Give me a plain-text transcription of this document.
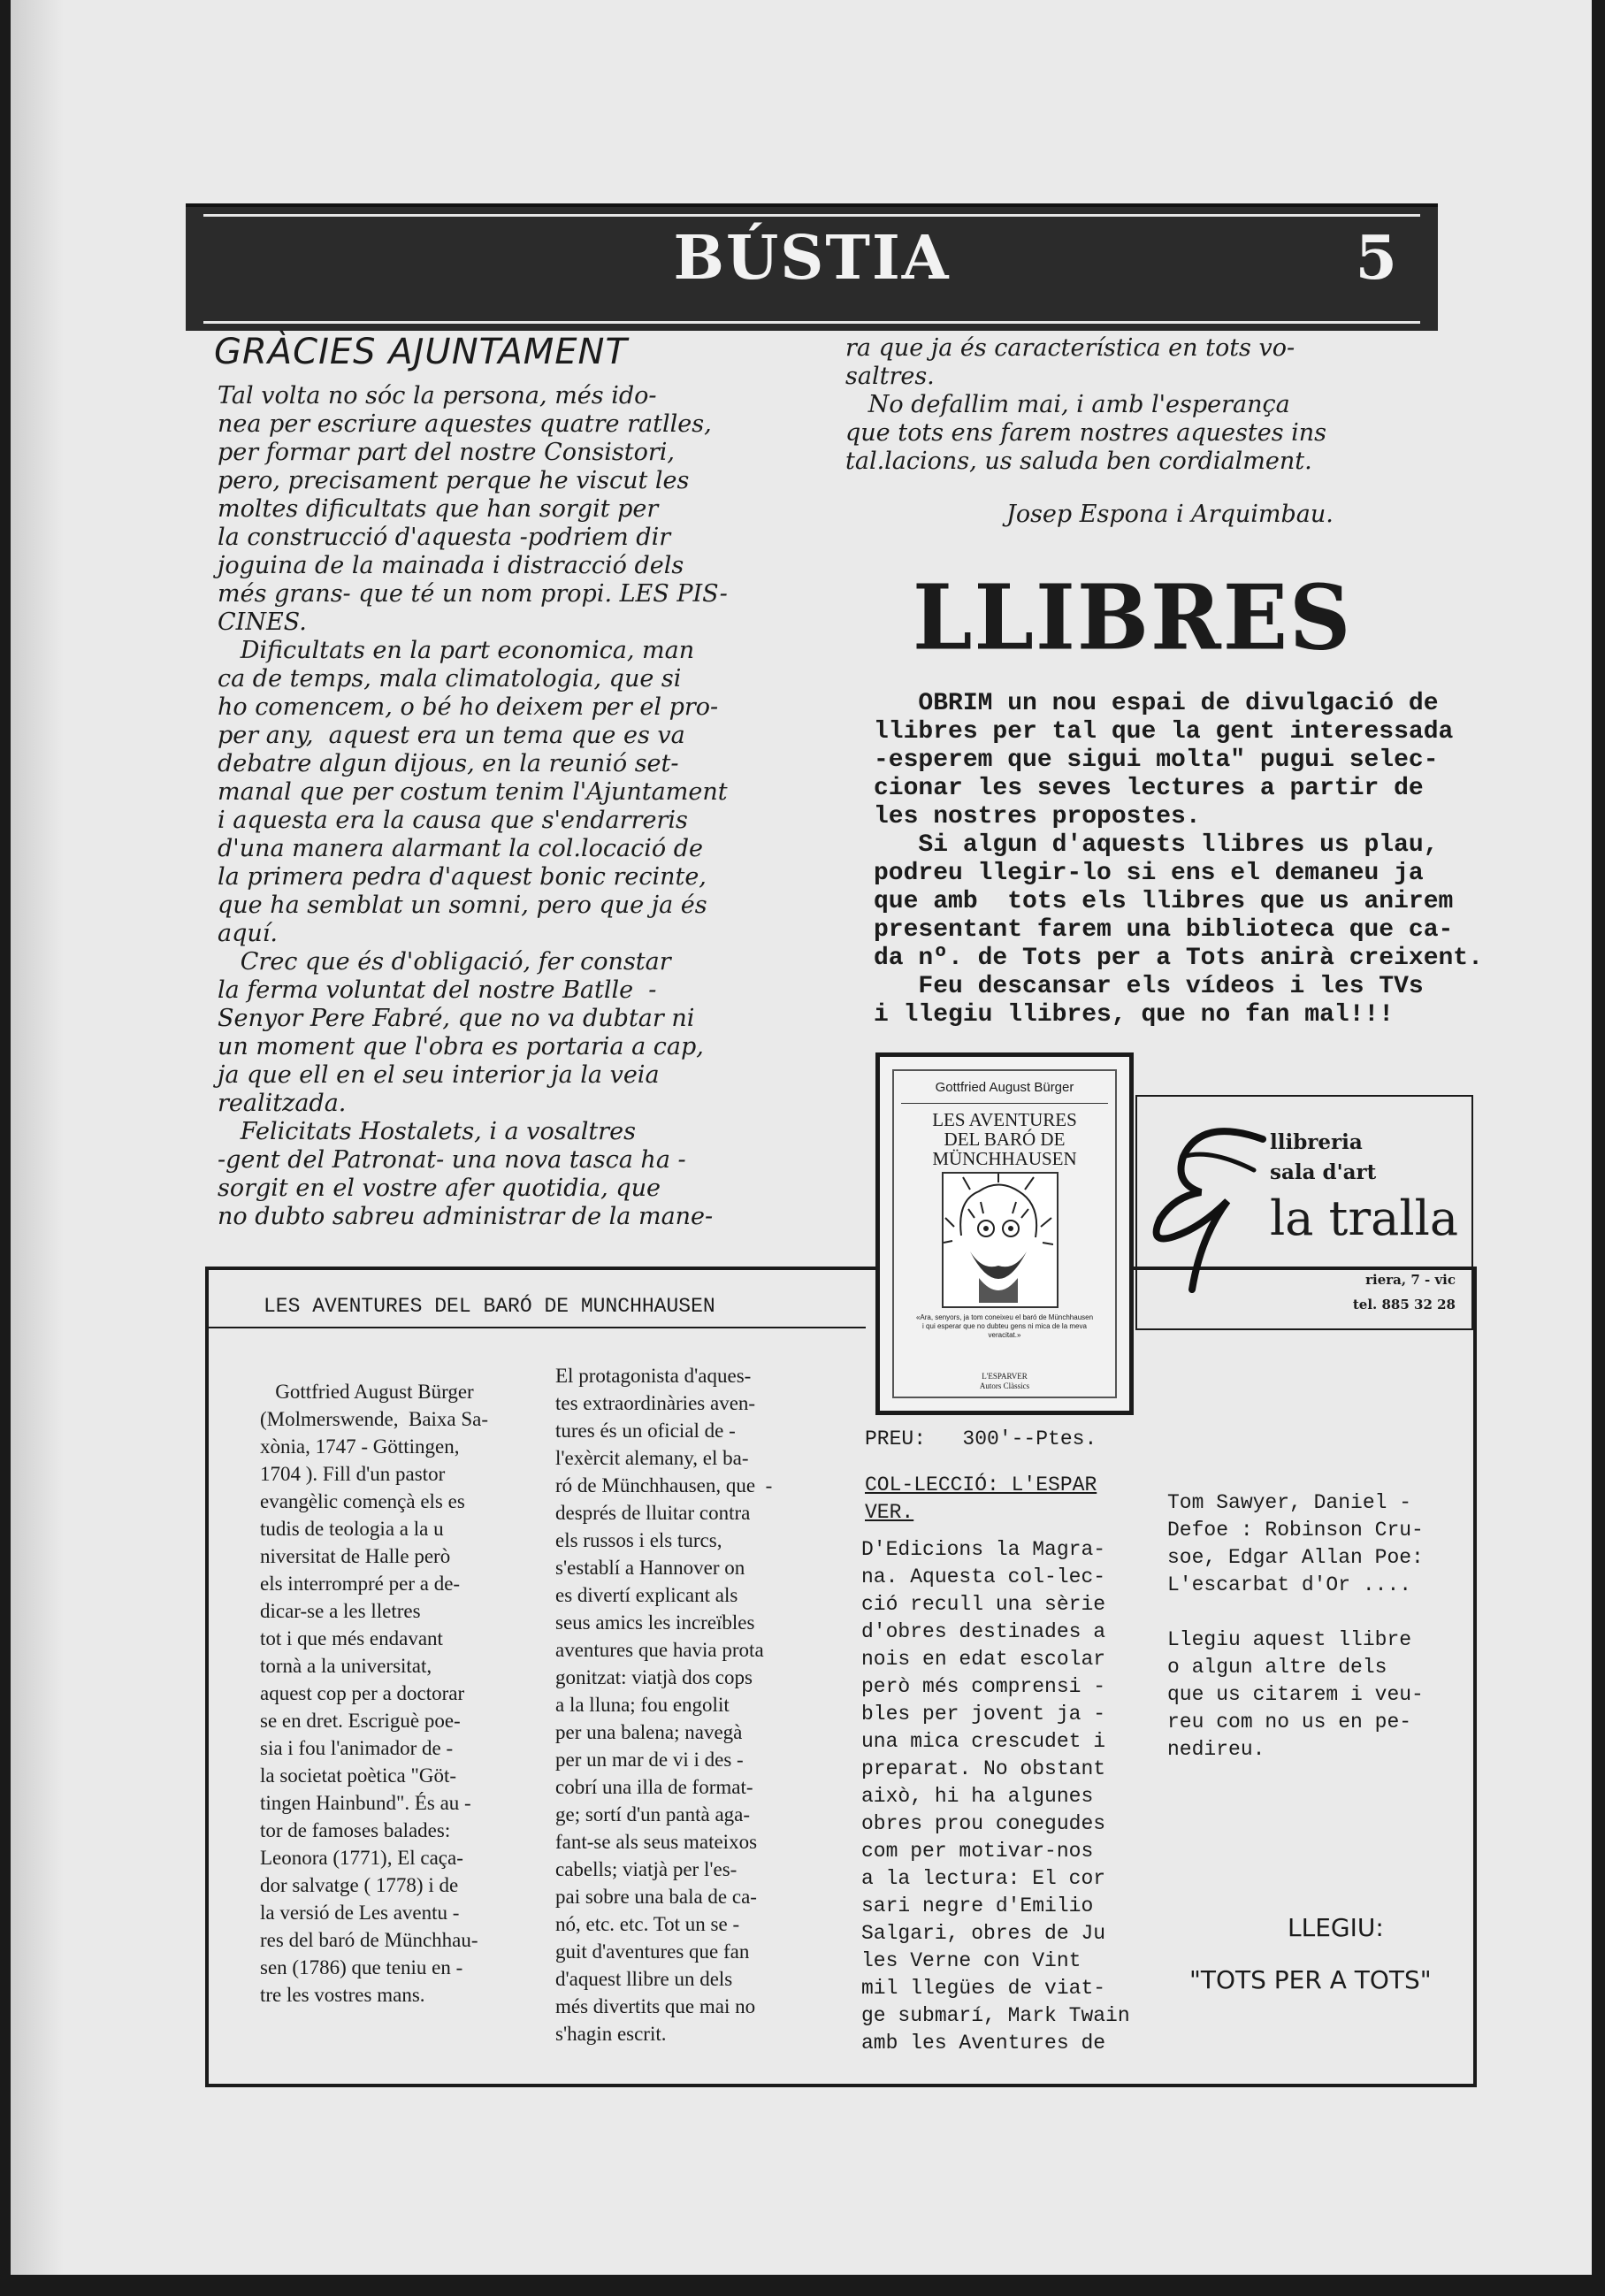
BÚSTIA	5
GRÀCIES AJUNTAMENT
Tal volta no sóc la persona, més ido-
nea per escriure aquestes quatre ratlles,
per formar part del nostre Consistori,
pero, precisament perque he viscut les
moltes dificultats que han sorgit per
la construcció d'aquesta -podriem dir
joguina de la mainada i distracció dels
més grans- que té un nom propi. LES PIS-
CINES.
Dificultats en la part economica, man
ca de temps, mala climatologia, que si
ho comencem, o bé ho deixem per el pro-
per any,  aquest era un tema que es va
debatre algun dijous, en la reunió set-
manal que per costum tenim l'Ajuntament
i aquesta era la causa que s'endarreris
d'una manera alarmant la col.locació de
la primera pedra d'aquest bonic recinte,
que ha semblat un somni, pero que ja és
aquí.
Crec que és d'obligació, fer constar
la ferma voluntat del nostre Batlle  -
Senyor Pere Fabré, que no va dubtar ni
un moment que l'obra es portaria a cap,
ja que ell en el seu interior ja la veia
realitzada.
Felicitats Hostalets, i a vosaltres
-gent del Patronat- una nova tasca ha -
sorgit en el vostre afer quotidia, que
no dubto sabreu administrar de la mane-
ra que ja és característica en tots vo-
saltres.
No defallim mai, i amb l'esperança
que tots ens farem nostres aquestes ins
tal.lacions, us saluda ben cordialment.
Josep Espona i Arquimbau.
LLIBRES
OBRIM un nou espai de divulgació de
llibres per tal que la gent interessada
-esperem que sigui molta" pugui selec-
cionar les seves lectures a partir de
les nostres propostes.
Si algun d'aquests llibres us plau,
podreu llegir-lo si ens el demaneu ja
que amb  tots els llibres que us anirem
presentant farem una biblioteca que ca-
da nº. de Tots per a Tots anirà creixent.
Feu descansar els vídeos i les TVs
i llegiu llibres, que no fan mal!!!
LES AVENTURES DEL BARÓ DE MUNCHHAUSEN
Gottfried August Bürger
(Molmerswende,  Baixa Sa-
xònia, 1747 - Göttingen,
1704 ). Fill d'un pastor
evangèlic començà els es
tudis de teologia a la u
niversitat de Halle però
els interrompré per a de-
dicar-se a les lletres
tot i que més endavant
tornà a la universitat,
aquest cop per a doctorar
se en dret. Escriguè poe-
sia i fou l'animador de -
la societat poètica "Göt-
tingen Hainbund". És au -
tor de famoses balades:
Leonora (1771), El caça-
dor salvatge ( 1778) i de
la versió de Les aventu -
res del baró de Münchhau-
sen (1786) que teniu en -
tre les vostres mans.
El protagonista d'aques-
tes extraordinàries aven-
tures és un oficial de -
l'exèrcit alemany, el ba-
ró de Münchhausen, que  -
després de lluitar contra
els russos i els turcs,
s'establí a Hannover on
es divertí explicant als
seus amics les increïbles
aventures que havia prota
gonitzat: viatjà dos cops
a la lluna; fou engolit
per una balena; navegà
per un mar de vi i des -
cobrí una illa de format-
ge; sortí d'un pantà aga-
fant-se als seus mateixos
cabells; viatjà per l'es-
pai sobre una bala de ca-
nó, etc. etc. Tot un se -
guit d'aventures que fan
d'aquest llibre un dels
més divertits que mai no
s'hagin escrit.
PREU:   300'--Ptes.
COL-LECCIÓ: L'ESPAR
VER.
D'Edicions la Magra-
na. Aquesta col-lec-
ció recull una sèrie
d'obres destinades a
nois en edat escolar
però més comprensi -
bles per jovent ja -
una mica crescudet i
preparat. No obstant
això, hi ha algunes
obres prou conegudes
com per motivar-nos
a la lectura: El cor
sari negre d'Emilio
Salgari, obres de Ju
les Verne con Vint
mil llegües de viat-
ge submarí, Mark Twain
amb les Aventures de
Tom Sawyer, Daniel -
Defoe : Robinson Cru-
soe, Edgar Allan Poe:
L'escarbat d'Or ....

Llegiu aquest llibre
o algun altre dels
que us citarem i veu-
reu com no us en pe-
nedireu.
LLEGIU:
"TOTS PER A TOTS"
Gottfried August Bürger
LES AVENTURES
DEL BARÓ DE
MÜNCHHAUSEN
«Ara, senyors, ja tom coneixeu el baró de Münchhausen i qui esperar que no dubteu gens ni mica de la meva veracitat.»
L'ESPARVER
Autors Clàssics
llibreria
sala d'art
la tralla
riera, 7 - vic
tel. 885 32 28
